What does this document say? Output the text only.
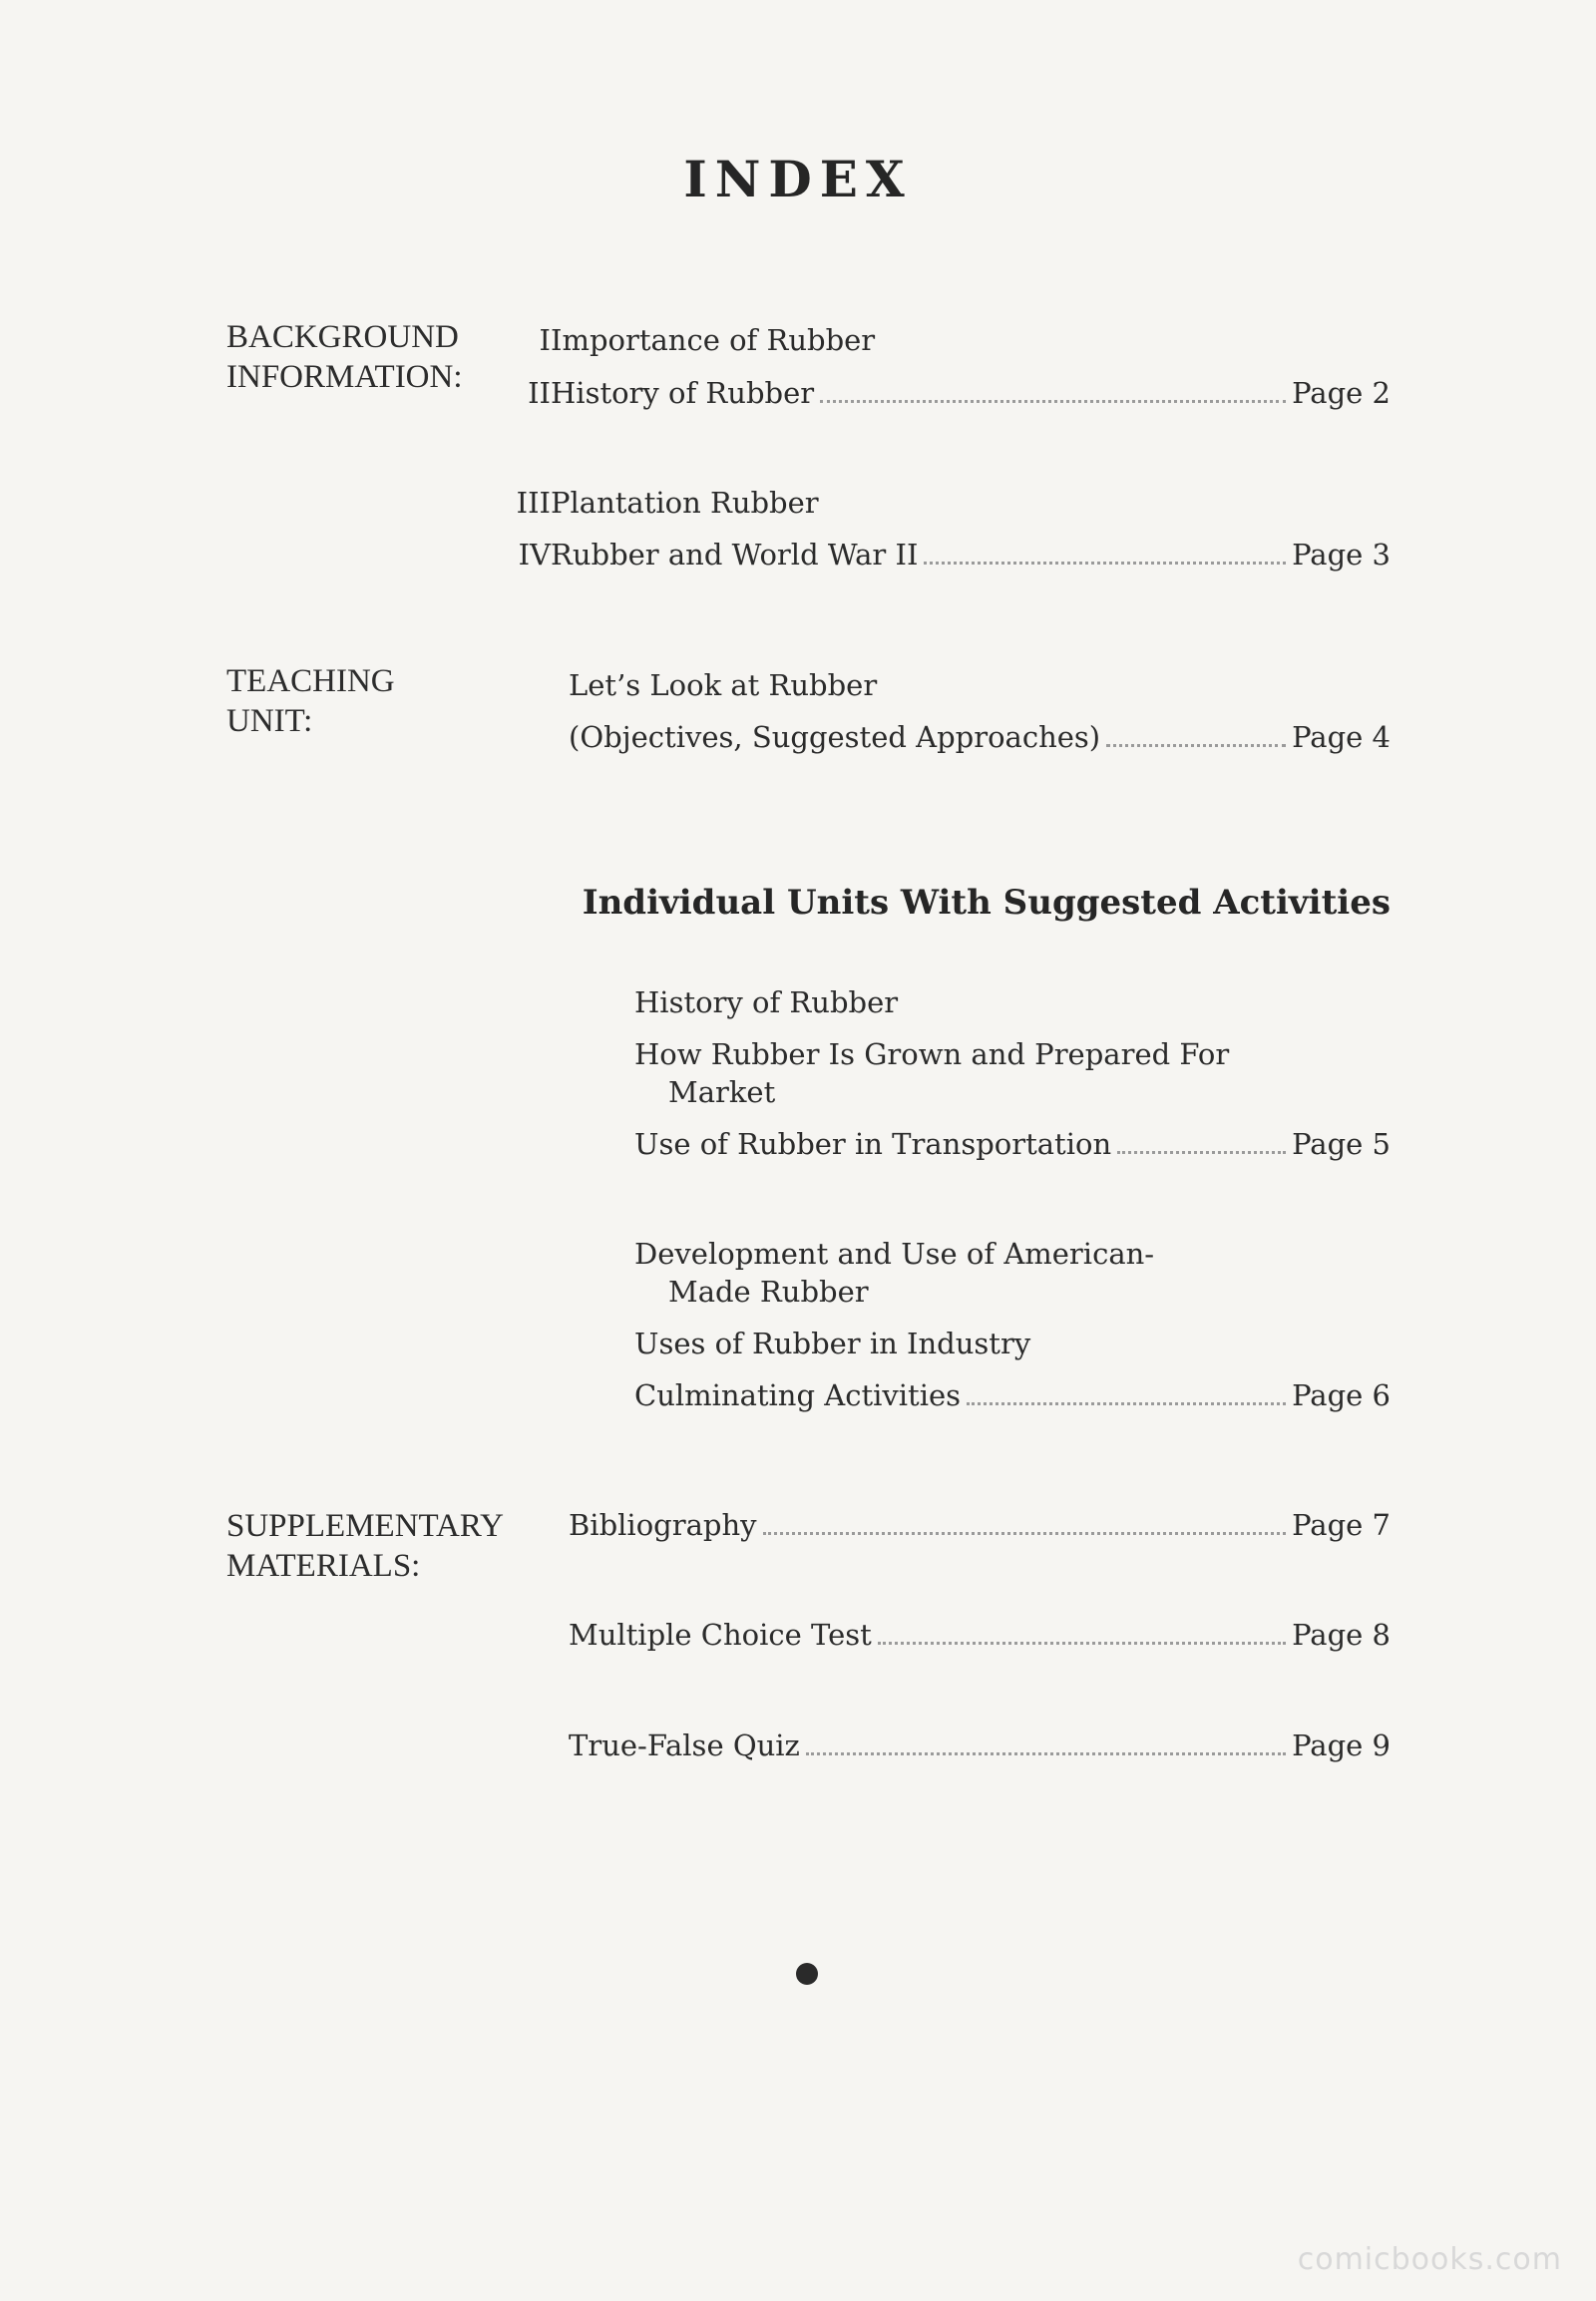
INDEX
BACKGROUND
INFORMATION:
I Importance of Rubber
II History of Rubber	Page 2
III Plantation Rubber
IV Rubber and World War II	Page 3
TEACHING
UNIT:
Let’s Look at Rubber
(Objectives, Suggested Approaches)	Page 4
Individual Units With Suggested Activities
History of Rubber
How Rubber Is Grown and Prepared For
Market
Use of Rubber in Transportation	Page 5
Development and Use of American-
Made Rubber
Uses of Rubber in Industry
Culminating Activities	Page 6
SUPPLEMENTARY
MATERIALS:
Bibliography	Page 7
Multiple Choice Test	Page 8
True-False Quiz	Page 9
comicbooks.com
